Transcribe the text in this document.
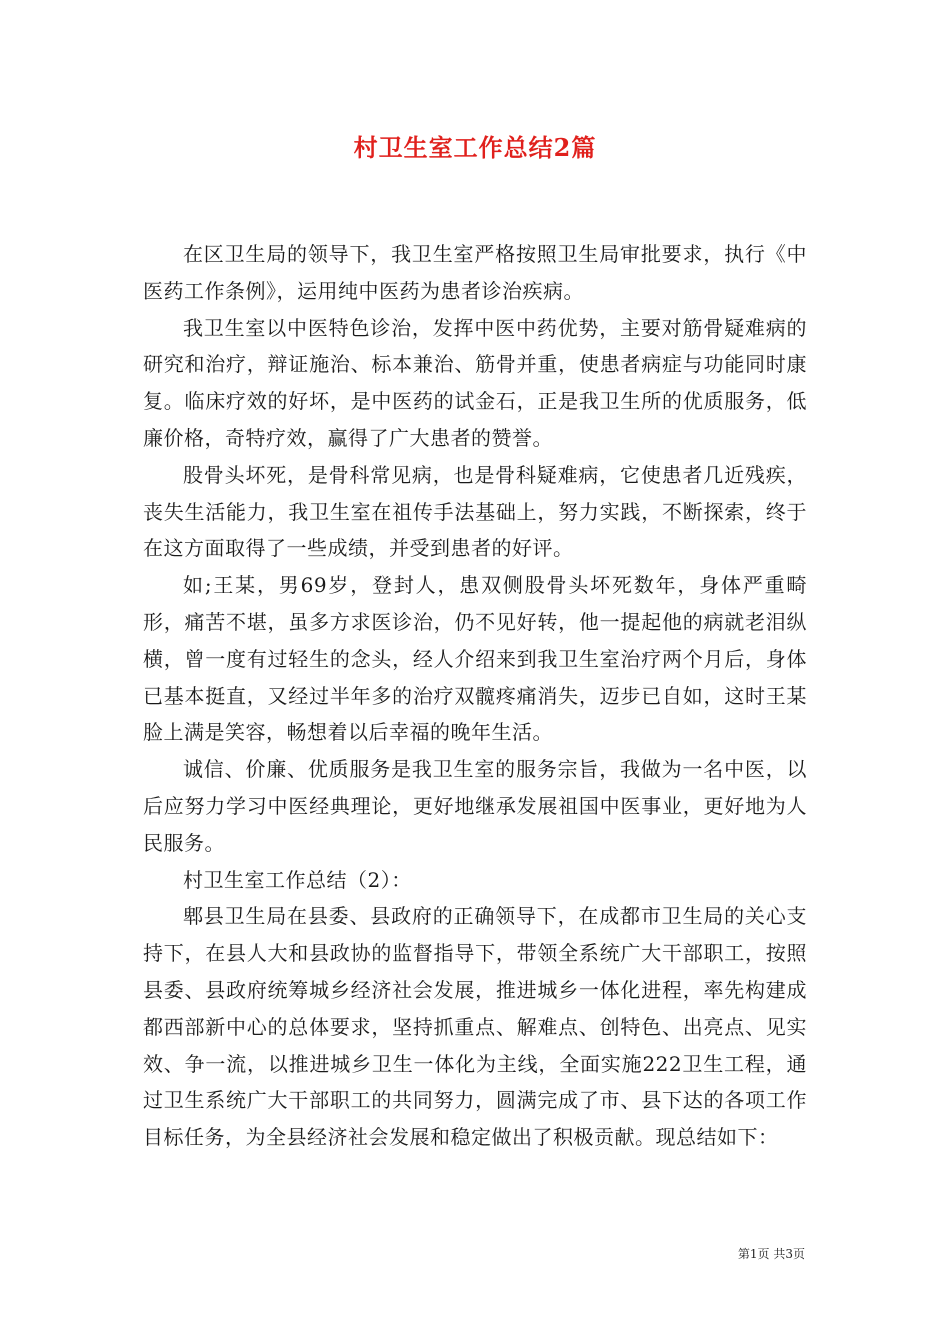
村卫生室工作总结2篇

在区卫生局的领导下，我卫生室严格按照卫生局审批要求，执行《中医药工作条例》，运用纯中医药为患者诊治疾病。

我卫生室以中医特色诊治，发挥中医中药优势，主要对筋骨疑难病的研究和治疗，辩证施治、标本兼治、筋骨并重，使患者病症与功能同时康复。临床疗效的好坏，是中医药的试金石，正是我卫生所的优质服务，低廉价格，奇特疗效，赢得了广大患者的赞誉。

股骨头坏死，是骨科常见病，也是骨科疑难病，它使患者几近残疾，丧失生活能力，我卫生室在祖传手法基础上，努力实践，不断探索，终于在这方面取得了一些成绩，并受到患者的好评。

如;王某，男69岁，登封人，患双侧股骨头坏死数年，身体严重畸形，痛苦不堪，虽多方求医诊治，仍不见好转，他一提起他的病就老泪纵横，曾一度有过轻生的念头，经人介绍来到我卫生室治疗两个月后，身体已基本挺直，又经过半年多的治疗双髋疼痛消失，迈步已自如，这时王某脸上满是笑容，畅想着以后幸福的晚年生活。

诚信、价廉、优质服务是我卫生室的服务宗旨，我做为一名中医，以后应努力学习中医经典理论，更好地继承发展祖国中医事业，更好地为人民服务。

村卫生室工作总结（2）：

郫县卫生局在县委、县政府的正确领导下，在成都市卫生局的关心支持下，在县人大和县政协的监督指导下，带领全系统广大干部职工，按照县委、县政府统筹城乡经济社会发展，推进城乡一体化进程，率先构建成都西部新中心的总体要求，坚持抓重点、解难点、创特色、出亮点、见实效、争一流，以推进城乡卫生一体化为主线，全面实施222卫生工程，通过卫生系统广大干部职工的共同努力，圆满完成了市、县下达的各项工作目标任务，为全县经济社会发展和稳定做出了积极贡献。现总结如下：

第1页 共3页
